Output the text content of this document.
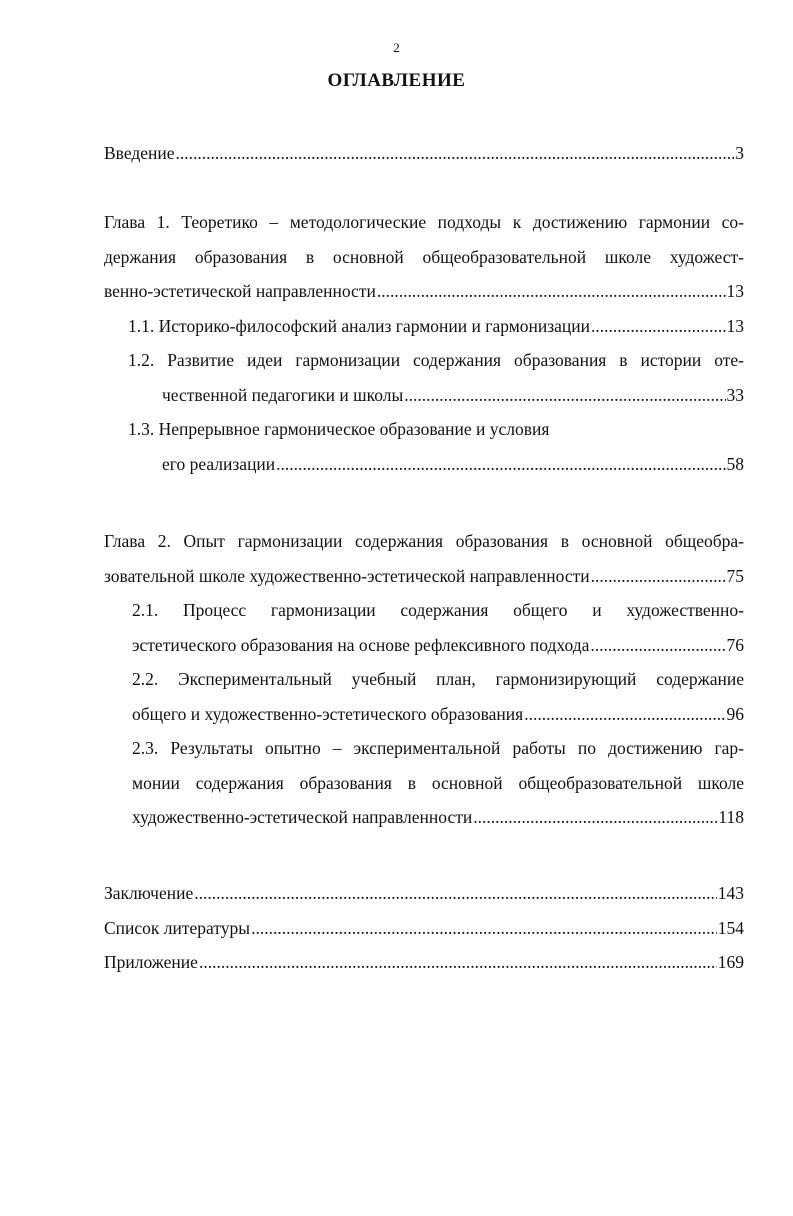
2
ОГЛАВЛЕНИЕ
Введение .....	3
Глава 1. Теоретико – методологические подходы к достижению гармонии со-
держания образования в основной общеобразовательной школе художест-
венно-эстетической направленности .....	13
1.1. Историко-философский анализ гармонии и гармонизации .....	13
1.2. Развитие идеи гармонизации содержания образования в истории оте-
чественной педагогики и школы .....	33
1.3. Непрерывное гармоническое образование и условия
его реализации .....	58
Глава 2. Опыт гармонизации содержания образования в основной общеобра-
зовательной школе художественно-эстетической направленности .....	75
2.1. Процесс гармонизации содержания общего и художественно-
эстетического образования на основе рефлексивного подхода .....	76
2.2. Экспериментальный учебный план, гармонизирующий содержание
общего и художественно-эстетического образования .....	96
2.3. Результаты опытно – экспериментальной работы по достижению гар-
монии содержания образования в основной общеобразовательной школе
художественно-эстетической направленности .....	118
Заключение .....	143
Список литературы .....	154
Приложение .....	169
